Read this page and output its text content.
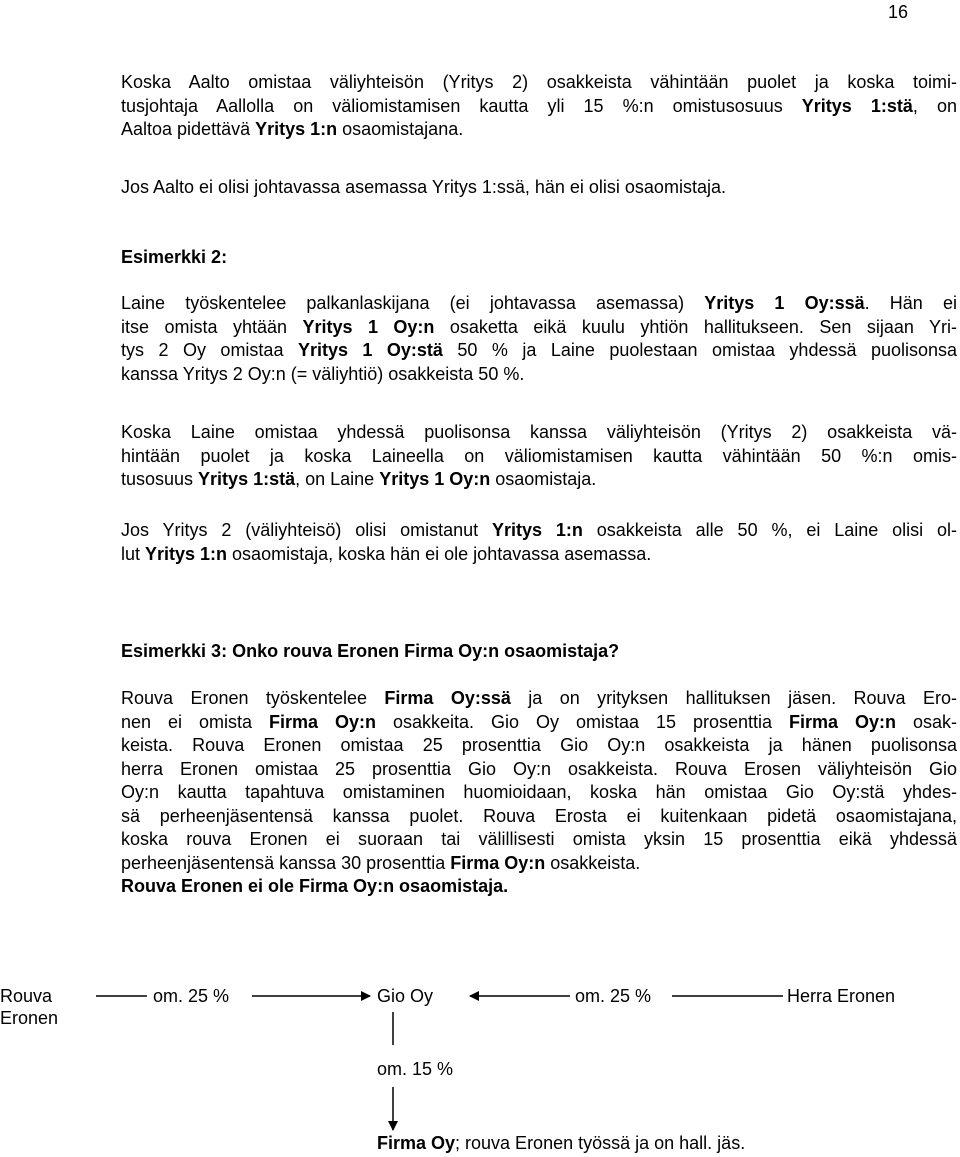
16
Koska Aalto omistaa väliyhteisön (Yritys 2) osakkeista vähintään puolet ja koska toimi-
tusjohtaja Aallolla on väliomistamisen kautta yli 15 %:n omistusosuus Yritys 1:stä, on
Aaltoa pidettävä Yritys 1:n osaomistajana.
Jos Aalto ei olisi johtavassa asemassa Yritys 1:ssä, hän ei olisi osaomistaja.
Esimerkki 2:
Laine työskentelee palkanlaskijana (ei johtavassa asemassa) Yritys 1 Oy:ssä. Hän ei
itse omista yhtään Yritys 1 Oy:n osaketta eikä kuulu yhtiön hallitukseen. Sen sijaan Yri-
tys 2 Oy omistaa Yritys 1 Oy:stä 50 % ja Laine puolestaan omistaa yhdessä puolisonsa
kanssa Yritys 2 Oy:n (= väliyhtiö) osakkeista 50 %.
Koska Laine omistaa yhdessä puolisonsa kanssa väliyhteisön (Yritys 2) osakkeista vä-
hintään puolet ja koska Laineella on väliomistamisen kautta vähintään 50 %:n omis-
tusosuus Yritys 1:stä, on Laine Yritys 1 Oy:n osaomistaja.
Jos Yritys 2 (väliyhteisö) olisi omistanut Yritys 1:n osakkeista alle 50 %, ei Laine olisi ol-
lut Yritys 1:n osaomistaja, koska hän ei ole johtavassa asemassa.
Esimerkki 3: Onko rouva Eronen Firma Oy:n osaomistaja?
Rouva Eronen työskentelee Firma Oy:ssä ja on yrityksen hallituksen jäsen. Rouva Ero-
nen ei omista Firma Oy:n osakkeita. Gio Oy omistaa 15 prosenttia Firma Oy:n osak-
keista. Rouva Eronen omistaa 25 prosenttia Gio Oy:n osakkeista ja hänen puolisonsa
herra Eronen omistaa 25 prosenttia Gio Oy:n osakkeista. Rouva Erosen väliyhteisön Gio
Oy:n kautta tapahtuva omistaminen huomioidaan, koska hän omistaa Gio Oy:stä yhdes-
sä perheenjäsentensä kanssa puolet. Rouva Erosta ei kuitenkaan pidetä osaomistajana,
koska rouva Eronen ei suoraan tai välillisesti omista yksin 15 prosenttia eikä yhdessä
perheenjäsentensä kanssa 30 prosenttia Firma Oy:n osakkeista.
Rouva Eronen ei ole Firma Oy:n osaomistaja.
Rouva
Eronen
om. 25 %	Gio Oy	om. 25 %	Herra Eronen
om. 15 %
Firma Oy; rouva Eronen työssä ja on hall. jäs.
